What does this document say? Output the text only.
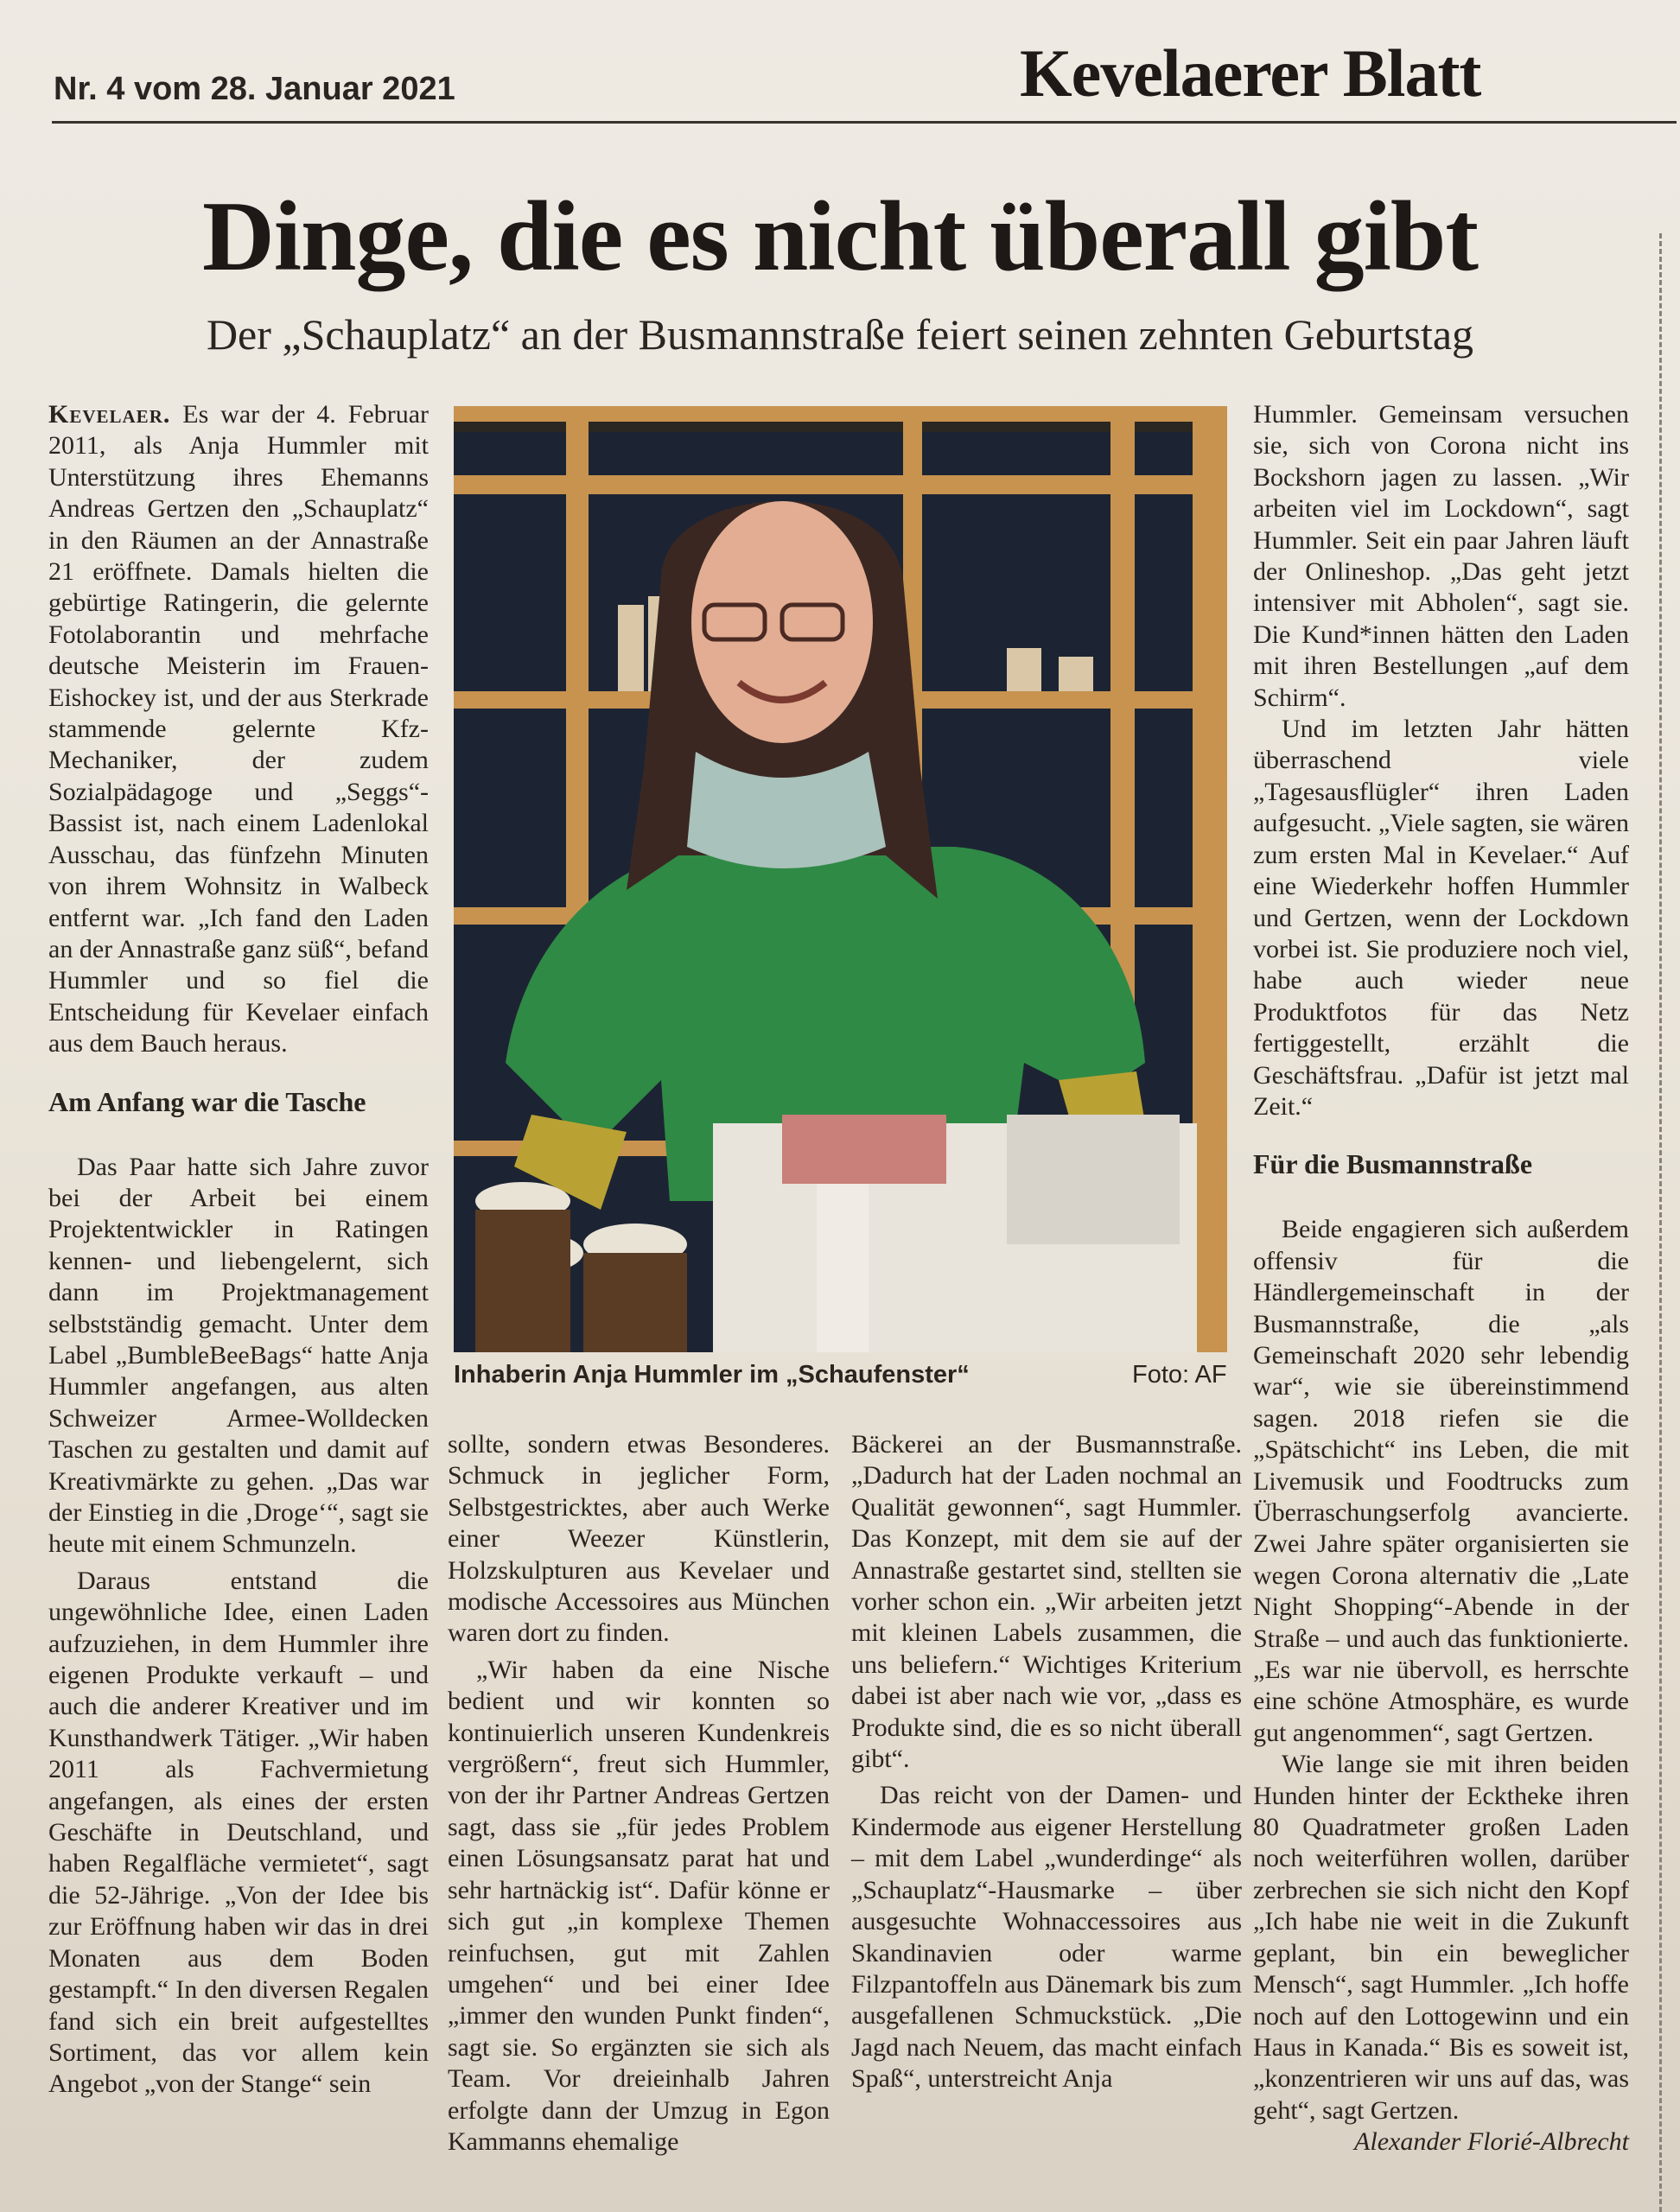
Nr. 4 vom 28. Januar 2021	Kevelaerer Blatt
Dinge, die es nicht überall gibt
Der „Schauplatz“ an der Busmannstraße feiert seinen zehnten Geburtstag

Kevelaer. Es war der 4. Februar 2011, als Anja Hummler mit Unterstützung ihres Ehemanns Andreas Gertzen den „Schauplatz“ in den Räumen an der Annastraße 21 eröffnete. Damals hielten die gebürtige Ratingerin, die gelernte Fotolaborantin und mehrfache deutsche Meisterin im Frauen-Eishockey ist, und der aus Sterkrade stammende gelernte Kfz-Mechaniker, der zudem Sozialpädagoge und „Seggs“-Bassist ist, nach einem Ladenlokal Ausschau, das fünfzehn Minuten von ihrem Wohnsitz in Walbeck entfernt war. „Ich fand den Laden an der Annastraße ganz süß“, befand Hummler und so fiel die Entscheidung für Kevelaer einfach aus dem Bauch heraus.

Am Anfang war die Tasche

Das Paar hatte sich Jahre zuvor bei der Arbeit bei einem Projektentwickler in Ratingen kennen- und liebengelernt, sich dann im Projektmanagement selbstständig gemacht. Unter dem Label „BumbleBeeBags“ hatte Anja Hummler angefangen, aus alten Schweizer Armee-Wolldecken Taschen zu gestalten und damit auf Kreativmärkte zu gehen. „Das war der Einstieg in die ‚Droge‘“, sagt sie heute mit einem Schmunzeln.

Daraus entstand die ungewöhnliche Idee, einen Laden aufzuziehen, in dem Hummler ihre eigenen Produkte verkauft – und auch die anderer Kreativer und im Kunsthandwerk Tätiger. „Wir haben 2011 als Fachvermietung angefangen, als eines der ersten Geschäfte in Deutschland, und haben Regalfläche vermietet“, sagt die 52-Jährige. „Von der Idee bis zur Eröffnung haben wir das in drei Monaten aus dem Boden gestampft.“ In den diversen Regalen fand sich ein breit aufgestelltes Sortiment, das vor allem kein Angebot „von der Stange“ sein

Inhaberin Anja Hummler im „Schaufenster“	Foto: AF

sollte, sondern etwas Besonderes. Schmuck in jeglicher Form, Selbstgestricktes, aber auch Werke einer Weezer Künstlerin, Holzskulpturen aus Kevelaer und modische Accessoires aus München waren dort zu finden.

„Wir haben da eine Nische bedient und wir konnten so kontinuierlich unseren Kundenkreis vergrößern“, freut sich Hummler, von der ihr Partner Andreas Gertzen sagt, dass sie „für jedes Problem einen Lösungsansatz parat hat und sehr hartnäckig ist“. Dafür könne er sich gut „in komplexe Themen reinfuchsen, gut mit Zahlen umgehen“ und bei einer Idee „immer den wunden Punkt finden“, sagt sie. So ergänzten sie sich als Team. Vor dreieinhalb Jahren erfolgte dann der Umzug in Egon Kammanns ehemalige

Bäckerei an der Busmannstraße. „Dadurch hat der Laden nochmal an Qualität gewonnen“, sagt Hummler. Das Konzept, mit dem sie auf der Annastraße gestartet sind, stellten sie vorher schon ein. „Wir arbeiten jetzt mit kleinen Labels zusammen, die uns beliefern.“ Wichtiges Kriterium dabei ist aber nach wie vor, „dass es Produkte sind, die es so nicht überall gibt“.

Das reicht von der Damen- und Kindermode aus eigener Herstellung – mit dem Label „wunderdinge“ als „Schauplatz“-Hausmarke – über ausgesuchte Wohnaccessoires aus Skandinavien oder warme Filzpantoffeln aus Dänemark bis zum ausgefallenen Schmuckstück. „Die Jagd nach Neuem, das macht einfach Spaß“, unterstreicht Anja

Hummler. Gemeinsam versuchen sie, sich von Corona nicht ins Bockshorn jagen zu lassen. „Wir arbeiten viel im Lockdown“, sagt Hummler. Seit ein paar Jahren läuft der Onlineshop. „Das geht jetzt intensiver mit Abholen“, sagt sie. Die Kund*innen hätten den Laden mit ihren Bestellungen „auf dem Schirm“.

Und im letzten Jahr hätten überraschend viele „Tagesausflügler“ ihren Laden aufgesucht. „Viele sagten, sie wären zum ersten Mal in Kevelaer.“ Auf eine Wiederkehr hoffen Hummler und Gertzen, wenn der Lockdown vorbei ist. Sie produziere noch viel, habe auch wieder neue Produktfotos für das Netz fertiggestellt, erzählt die Geschäftsfrau. „Dafür ist jetzt mal Zeit.“

Für die Busmannstraße

Beide engagieren sich außerdem offensiv für die Händlergemeinschaft in der Busmannstraße, die „als Gemeinschaft 2020 sehr lebendig war“, wie sie übereinstimmend sagen. 2018 riefen sie die „Spätschicht“ ins Leben, die mit Livemusik und Foodtrucks zum Überraschungserfolg avancierte. Zwei Jahre später organisierten sie wegen Corona alternativ die „Late Night Shopping“-Abende in der Straße – und auch das funktionierte. „Es war nie übervoll, es herrschte eine schöne Atmosphäre, es wurde gut angenommen“, sagt Gertzen.

Wie lange sie mit ihren beiden Hunden hinter der Ecktheke ihren 80 Quadratmeter großen Laden noch weiterführen wollen, darüber zerbrechen sie sich nicht den Kopf „Ich habe nie weit in die Zukunft geplant, bin ein beweglicher Mensch“, sagt Hummler. „Ich hoffe noch auf den Lottogewinn und ein Haus in Kanada.“ Bis es soweit ist, „konzentrieren wir uns auf das, was geht“, sagt Gertzen.

Alexander Florié-Albrecht
